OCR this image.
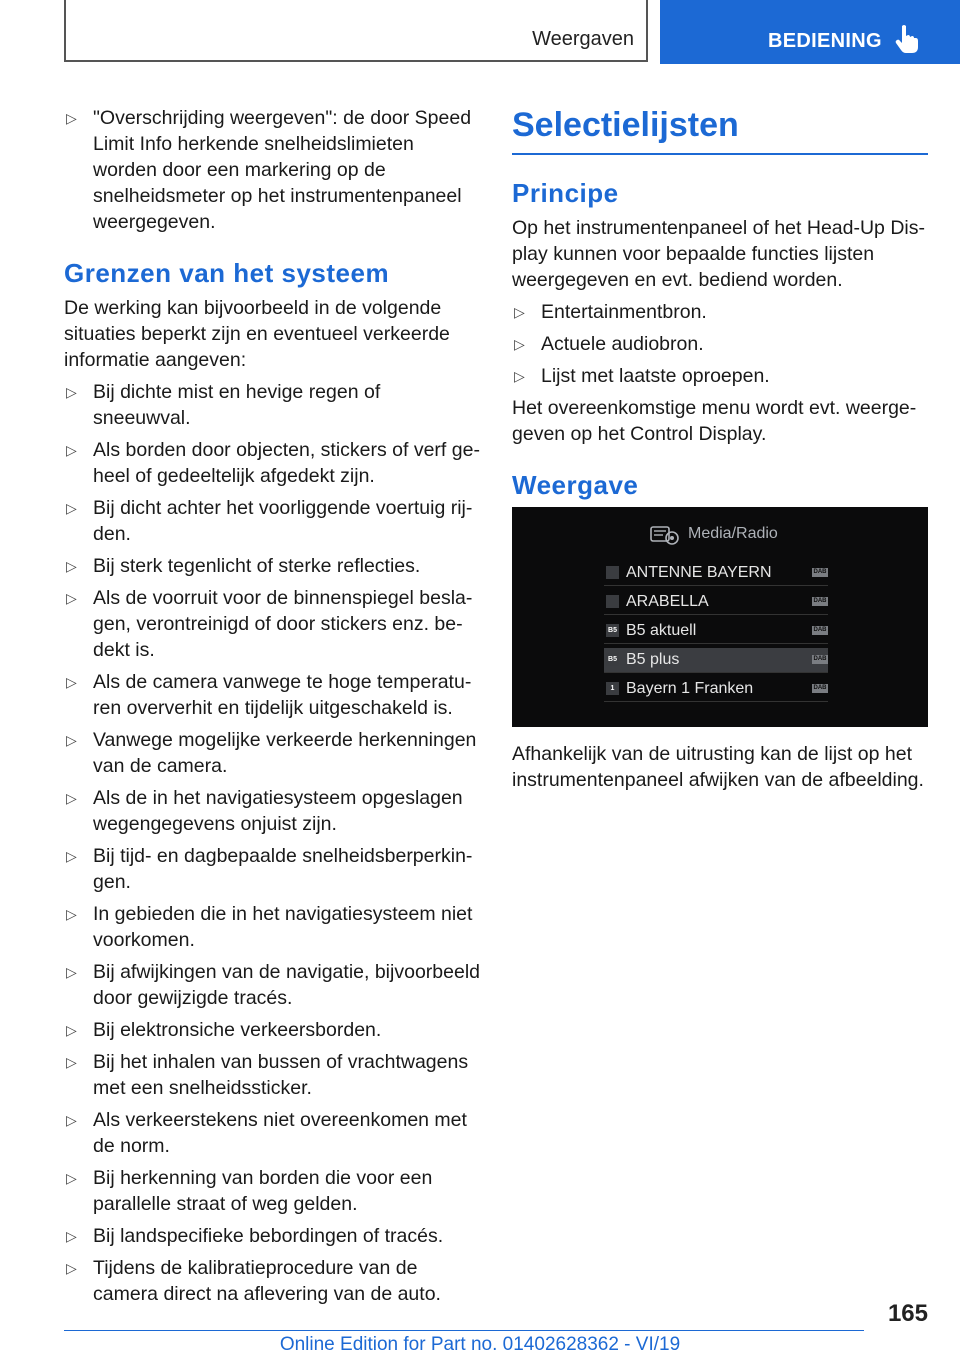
Weergaven	BEDIENING
▷ "Overschrijding weergeven": de door Speed Limit Info herkende snelheidslimieten worden door een markering op de snelheidsmeter op het instrumentenpaneel weergegeven.
Grenzen van het systeem

De werking kan bijvoorbeeld in de volgende situaties beperkt zijn en eventueel verkeerde informatie aangeven:

▷ Bij dichte mist en hevige regen of sneeuwval.
▷ Als borden door objecten, stickers of verf geheel of gedeeltelijk afgedekt zijn.
▷ Bij dicht achter het voorliggende voertuig rijden.
▷ Bij sterk tegenlicht of sterke reflecties.
▷ Als de voorruit voor de binnenspiegel beslagen, verontreinigd of door stickers enz. bedekt is.
▷ Als de camera vanwege te hoge temperaturen oververhit en tijdelijk uitgeschakeld is.
▷ Vanwege mogelijke verkeerde herkenningen van de camera.
▷ Als de in het navigatiesysteem opgeslagen wegengegevens onjuist zijn.
▷ Bij tijd- en dagbepaalde snelheidsberperkingen.
▷ In gebieden die in het navigatiesysteem niet voorkomen.
▷ Bij afwijkingen van de navigatie, bijvoorbeeld door gewijzigde tracés.
▷ Bij elektronsiche verkeersborden.
▷ Bij het inhalen van bussen of vrachtwagens met een snelheidssticker.
▷ Als verkeerstekens niet overeenkomen met de norm.
▷ Bij herkenning van borden die voor een parallelle straat of weg gelden.
▷ Bij landspecifieke bebordingen of tracés.
▷ Tijdens de kalibratieprocedure van de camera direct na aflevering van de auto.
Selectielijsten
Principe

Op het instrumentenpaneel of het Head-Up Display kunnen voor bepaalde functies lijsten weergegeven en evt. bediend worden.

▷ Entertainmentbron.
▷ Actuele audiobron.
▷ Lijst met laatste oproepen.

Het overeenkomstige menu wordt evt. weergegeven op het Control Display.

Weergave
Media/Radio
ANTENNE BAYERN	DAB
ARABELLA	DAB
B5 B5 aktuell	DAB
B5 B5 plus	DAB
1 Bayern 1 Franken	DAB

Afhankelijk van de uitrusting kan de lijst op het instrumentenpaneel afwijken van de afbeelding.

165
Online Edition for Part no. 01402628362 - VI/19
